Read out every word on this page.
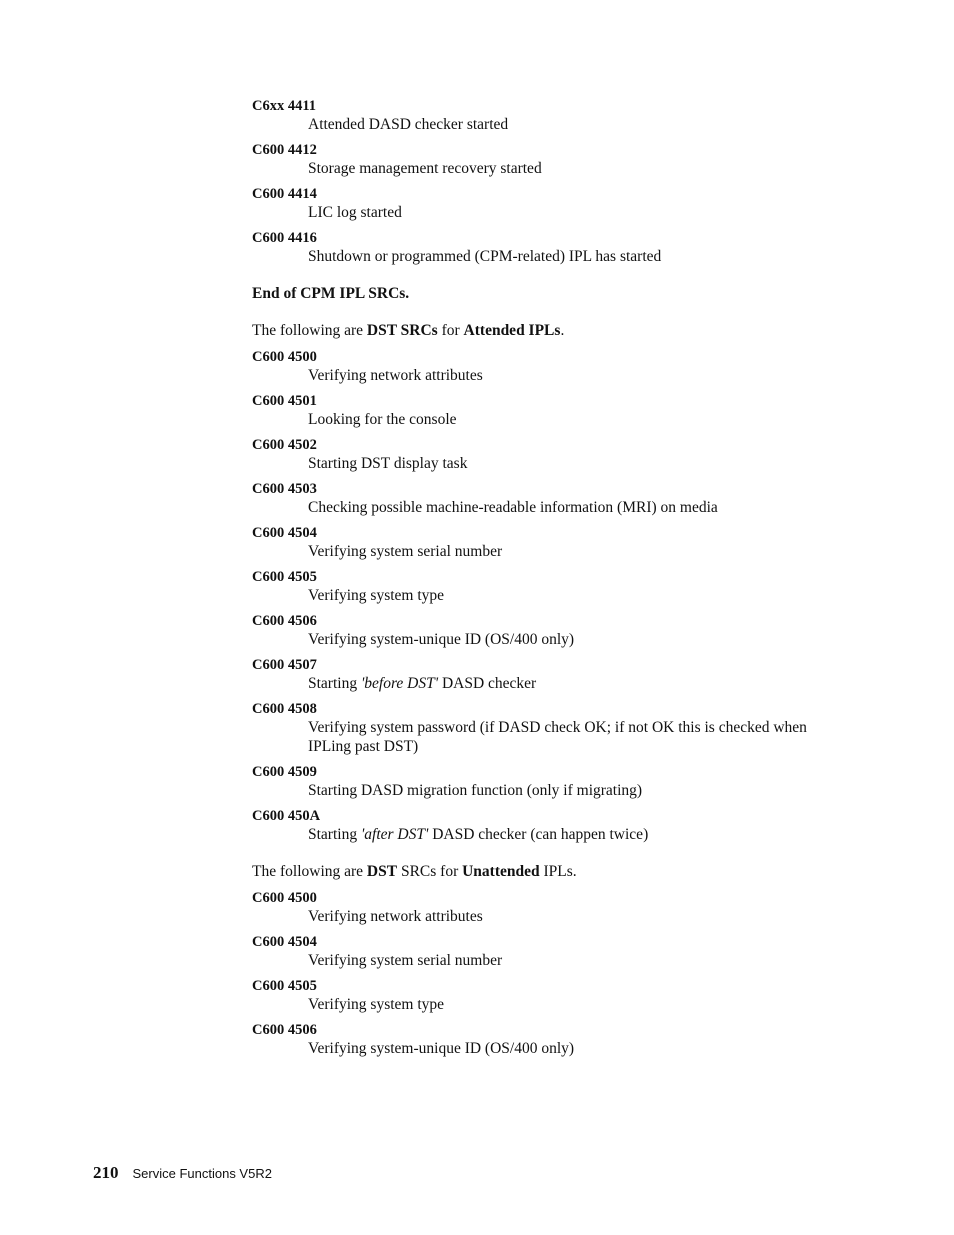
C6xx 4411
Attended DASD checker started
C600 4412
Storage management recovery started
C600 4414
LIC log started
C600 4416
Shutdown or programmed (CPM-related) IPL has started

End of CPM IPL SRCs.

The following are DST SRCs for Attended IPLs.

C600 4500
Verifying network attributes
C600 4501
Looking for the console
C600 4502
Starting DST display task
C600 4503
Checking possible machine-readable information (MRI) on media
C600 4504
Verifying system serial number
C600 4505
Verifying system type
C600 4506
Verifying system-unique ID (OS/400 only)
C600 4507
Starting 'before DST' DASD checker
C600 4508
Verifying system password (if DASD check OK; if not OK this is checked when IPLing past DST)
C600 4509
Starting DASD migration function (only if migrating)
C600 450A
Starting 'after DST' DASD checker (can happen twice)

The following are DST SRCs for Unattended IPLs.

C600 4500
Verifying network attributes
C600 4504
Verifying system serial number
C600 4505
Verifying system type
C600 4506
Verifying system-unique ID (OS/400 only)
210 Service Functions V5R2
